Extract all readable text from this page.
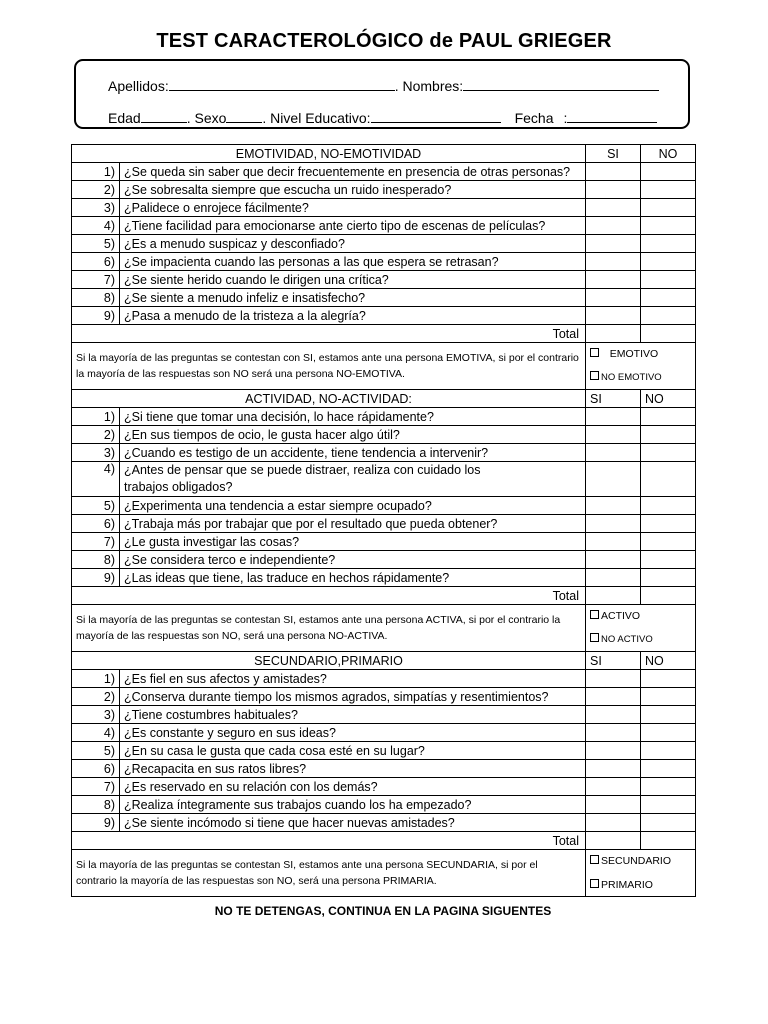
TEST CARACTEROLÓGICO de PAUL GRIEGER
Apellidos:	. Nombres:
Edad	. Sexo	. Nivel Educativo:	Fecha :
EMOTIVIDAD, NO-EMOTIVIDAD		SI	NO
1)	¿Se queda sin saber que decir frecuentemente en presencia de otras personas?		
2)	¿Se sobresalta siempre que escucha un ruido inesperado?		
3)	¿Palidece o enrojece fácilmente?		
4)	¿Tiene facilidad para emocionarse ante cierto tipo de escenas de películas?		
5)	¿Es a menudo suspicaz y desconfiado?		
6)	¿Se impacienta cuando las personas a las que espera se retrasan?		
7)	¿Se siente herido cuando le dirigen una crítica?		
8)	¿Se siente a menudo infeliz e insatisfecho?		
9)	¿Pasa a menudo de la tristeza a la alegría?		
Total			
Si la mayoría de las preguntas se contestan con SI, estamos ante una persona EMOTIVA, si por el contrario la mayoría de las respuestas son NO será una persona NO-EMOTIVA.		EMOTIVO
NO EMOTIVO	

ACTIVIDAD, NO-ACTIVIDAD:		SI	NO
1)	¿Si tiene que tomar una decisión, lo hace rápidamente?		
2)	¿En sus tiempos de ocio, le gusta hacer algo útil?		
3)	¿Cuando es testigo de un accidente, tiene tendencia a intervenir?		
4)	¿Antes de pensar que se puede distraer, realiza con cuidado los trabajos obligados?		
5)	¿Experimenta una tendencia a estar siempre ocupado?		
6)	¿Trabaja más por trabajar que por el resultado que pueda obtener?		
7)	¿Le gusta investigar las cosas?		
8)	¿Se considera terco e independiente?		
9)	¿Las ideas que tiene, las traduce en hechos rápidamente?		
Total			
Si la mayoría de las preguntas se contestan SI, estamos ante una persona ACTIVA, si por el contrario la mayoría de las respuestas son NO, será una persona NO-ACTIVA.		ACTIVO
NO ACTIVO	

SECUNDARIO,PRIMARIO		SI	NO
1)	¿Es fiel en sus afectos y amistades?		
2)	¿Conserva durante tiempo los mismos agrados, simpatías y resentimientos?		
3)	¿Tiene costumbres habituales?		
4)	¿Es constante y seguro en sus ideas?		
5)	¿En su casa le gusta que cada cosa esté en su lugar?		
6)	¿Recapacita en sus ratos libres?		
7)	¿Es reservado en su relación con los demás?		
8)	¿Realiza íntegramente sus trabajos cuando los ha empezado?		
9)	¿Se siente incómodo si tiene que hacer nuevas amistades?		
Total			
Si la mayoría de las preguntas se contestan SI, estamos ante una persona SECUNDARIA, si por el contrario la mayoría de las respuestas son NO, será una persona PRIMARIA.		SECUNDARIO
PRIMARIO	
NO TE DETENGAS, CONTINUA EN LA PAGINA SIGUENTES
